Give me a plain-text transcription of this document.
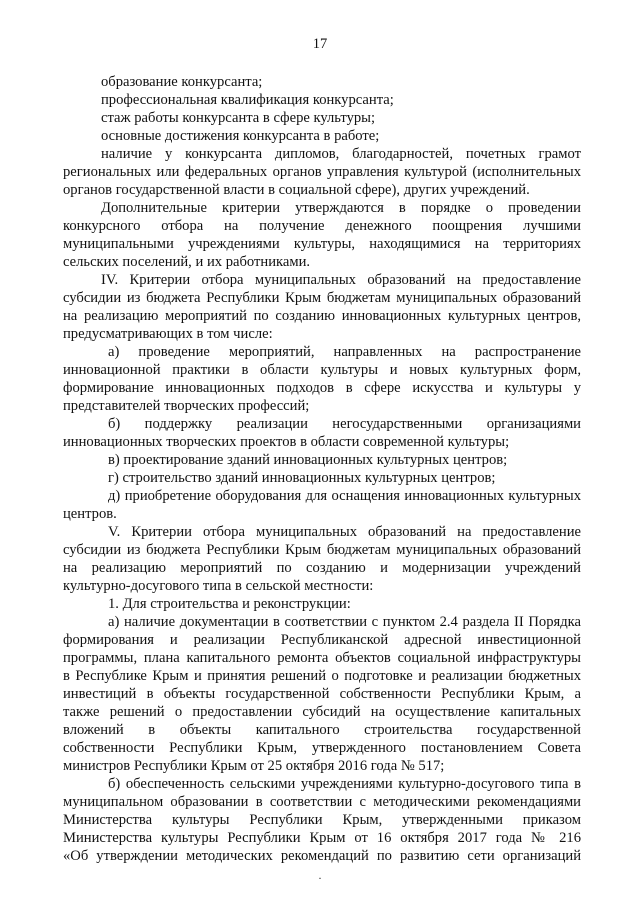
17
образование конкурсанта;
профессиональная квалификация конкурсанта;
стаж работы конкурсанта в сфере культуры;
основные достижения конкурсанта в работе;
наличие у конкурсанта дипломов, благодарностей, почетных грамот
региональных или федеральных органов управления культурой (исполнительных
органов государственной власти в социальной сфере), других учреждений.
Дополнительные критерии утверждаются в порядке о проведении
конкурсного отбора на получение денежного поощрения лучшими
муниципальными учреждениями культуры, находящимися на территориях
сельских поселений, и их работниками.
IV. Критерии отбора муниципальных образований на предоставление
субсидии из бюджета Республики Крым бюджетам муниципальных образований
на реализацию мероприятий по созданию инновационных культурных центров,
предусматривающих в том числе:
а) проведение мероприятий, направленных на распространение
инновационной практики в области культуры и новых культурных форм,
формирование инновационных подходов в сфере искусства и культуры у
представителей творческих профессий;
б) поддержку реализации негосударственными организациями
инновационных творческих проектов в области современной культуры;
в) проектирование зданий инновационных культурных центров;
г) строительство зданий инновационных культурных центров;
д) приобретение оборудования для оснащения инновационных культурных
центров.
V. Критерии отбора муниципальных образований на предоставление
субсидии из бюджета Республики Крым бюджетам муниципальных образований
на реализацию мероприятий по созданию и модернизации учреждений
культурно-досугового типа в сельской местности:
1. Для строительства и реконструкции:
а) наличие документации в соответствии с пунктом 2.4 раздела II Порядка
формирования и реализации Республиканской адресной инвестиционной
программы, плана капитального ремонта объектов социальной инфраструктуры
в Республике Крым и принятия решений о подготовке и реализации бюджетных
инвестиций в объекты государственной собственности Республики Крым, а
также решений о предоставлении субсидий на осуществление капитальных
вложений в объекты капитального строительства государственной
собственности Республики Крым, утвержденного постановлением Совета
министров Республики Крым от 25 октября 2016 года № 517;
б) обеспеченность сельскими учреждениями культурно-досугового типа в
муниципальном образовании в соответствии с методическими рекомендациями
Министерства культуры Республики Крым, утвержденными приказом
Министерства культуры Республики Крым от 16 октября 2017 года № 216
«Об утверждении методических рекомендаций по развитию сети организаций
·
